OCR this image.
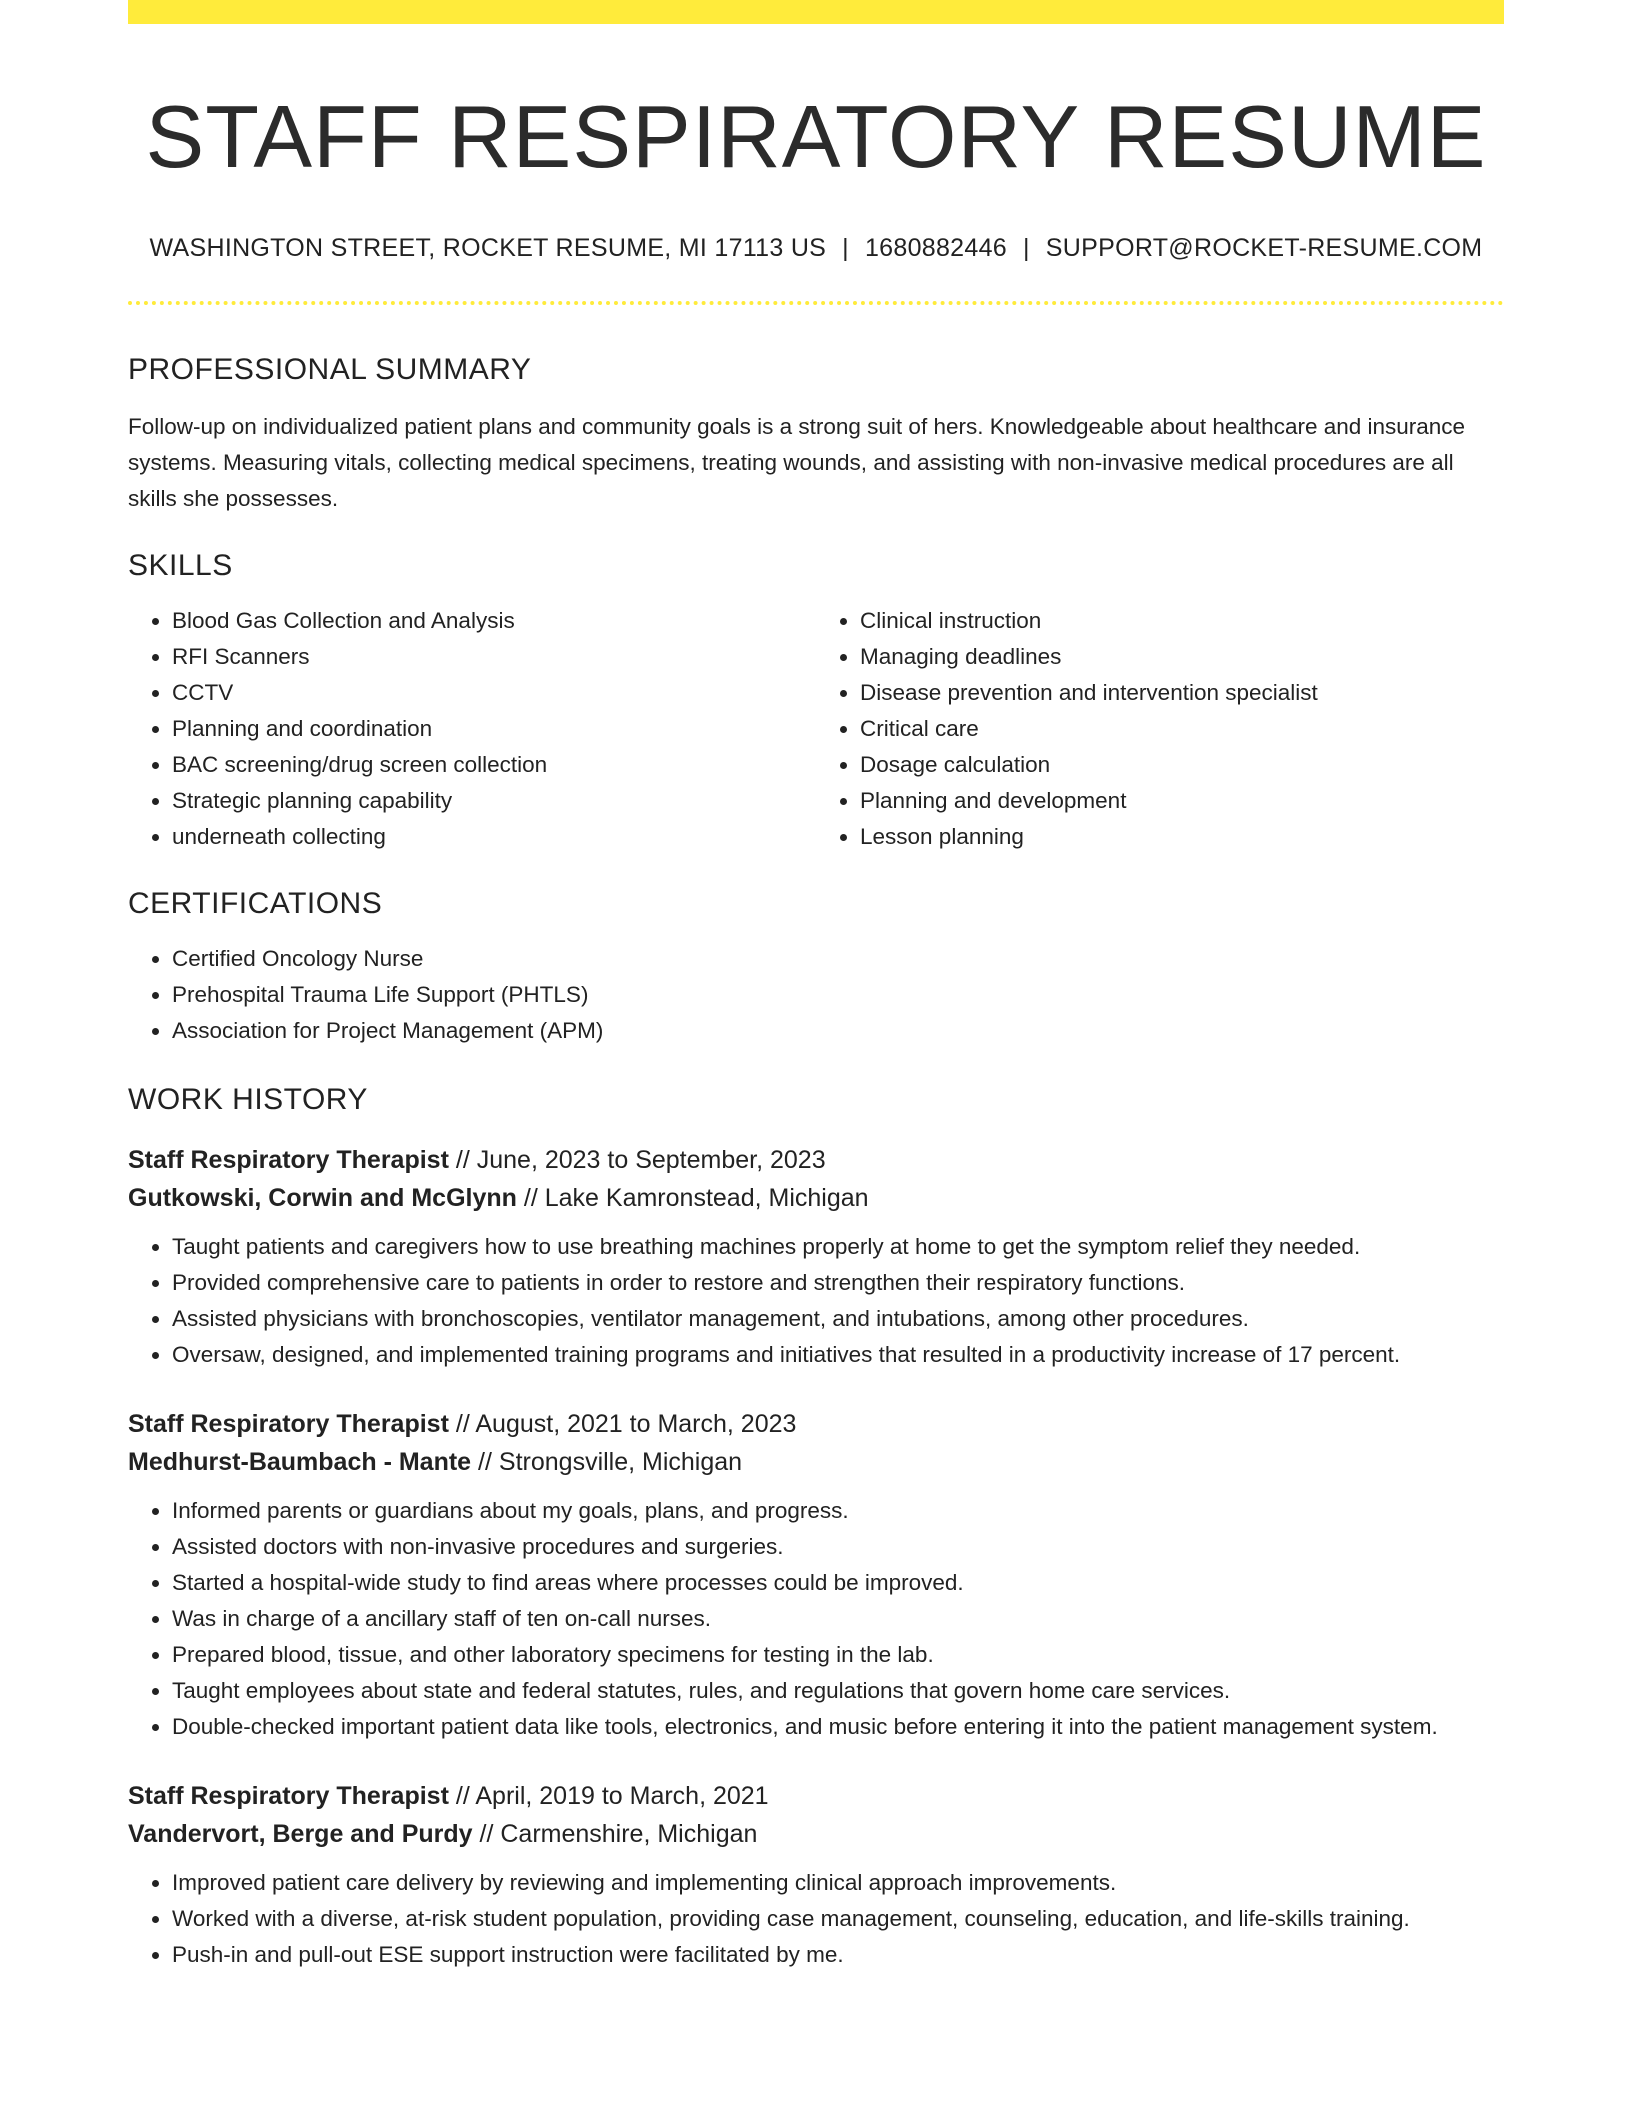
STAFF RESPIRATORY RESUME
WASHINGTON STREET, ROCKET RESUME, MI 17113 US | 1680882446 | SUPPORT@ROCKET-RESUME.COM
PROFESSIONAL SUMMARY

Follow-up on individualized patient plans and community goals is a strong suit of hers. Knowledgeable about healthcare and insurance systems. Measuring vitals, collecting medical specimens, treating wounds, and assisting with non-invasive medical procedures are all skills she possesses.

SKILLS
• Blood Gas Collection and Analysis
• RFI Scanners
• CCTV
• Planning and coordination
• BAC screening/drug screen collection
• Strategic planning capability
• underneath collecting
• Clinical instruction
• Managing deadlines
• Disease prevention and intervention specialist
• Critical care
• Dosage calculation
• Planning and development
• Lesson planning
CERTIFICATIONS
• Certified Oncology Nurse
• Prehospital Trauma Life Support (PHTLS)
• Association for Project Management (APM)
WORK HISTORY
Staff Respiratory Therapist // June, 2023 to September, 2023
Gutkowski, Corwin and McGlynn // Lake Kamronstead, Michigan
• Taught patients and caregivers how to use breathing machines properly at home to get the symptom relief they needed.
• Provided comprehensive care to patients in order to restore and strengthen their respiratory functions.
• Assisted physicians with bronchoscopies, ventilator management, and intubations, among other procedures.
• Oversaw, designed, and implemented training programs and initiatives that resulted in a productivity increase of 17 percent.
Staff Respiratory Therapist // August, 2021 to March, 2023
Medhurst-Baumbach - Mante // Strongsville, Michigan
• Informed parents or guardians about my goals, plans, and progress.
• Assisted doctors with non-invasive procedures and surgeries.
• Started a hospital-wide study to find areas where processes could be improved.
• Was in charge of a ancillary staff of ten on-call nurses.
• Prepared blood, tissue, and other laboratory specimens for testing in the lab.
• Taught employees about state and federal statutes, rules, and regulations that govern home care services.
• Double-checked important patient data like tools, electronics, and music before entering it into the patient management system.
Staff Respiratory Therapist // April, 2019 to March, 2021
Vandervort, Berge and Purdy // Carmenshire, Michigan
• Improved patient care delivery by reviewing and implementing clinical approach improvements.
• Worked with a diverse, at-risk student population, providing case management, counseling, education, and life-skills training.
• Push-in and pull-out ESE support instruction were facilitated by me.
